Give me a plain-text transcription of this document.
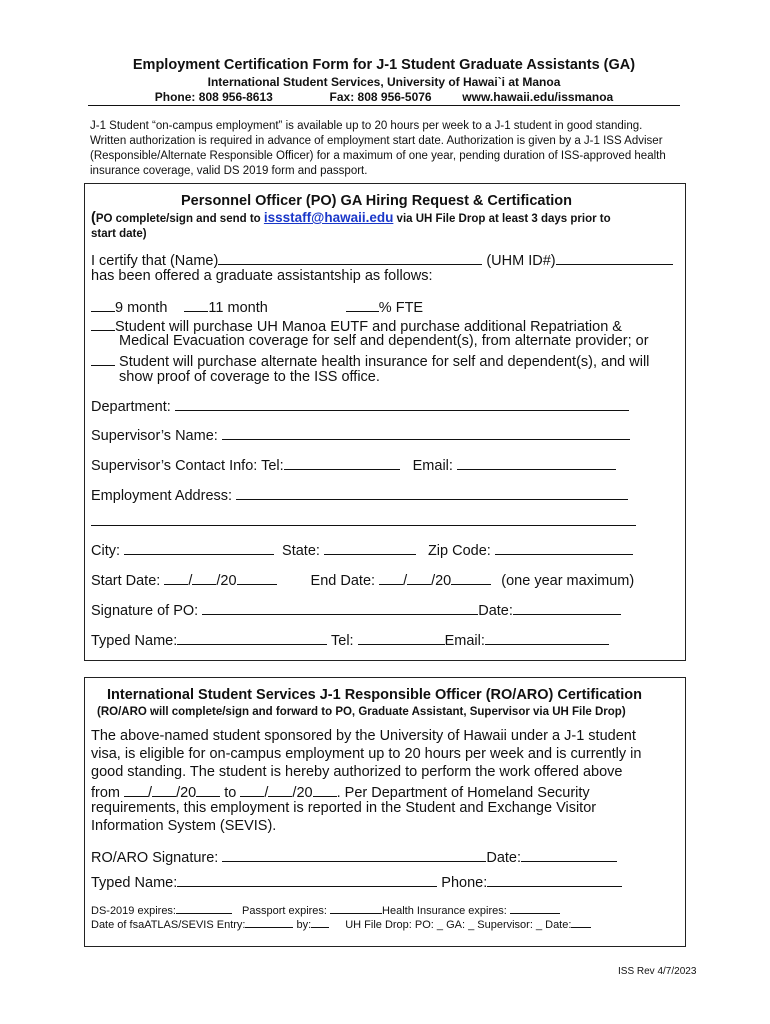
Employment Certification Form for J-1 Student Graduate Assistants (GA)
International Student Services, University of Hawai`i at Manoa
Phone: 808 956-8613	Fax: 808 956-5076	www.hawaii.edu/issmanoa
J-1 Student “on-campus employment” is available up to 20 hours per week to a J-1 student in good standing. Written authorization is required in advance of employment start date. Authorization is given by a J-1 ISS Adviser (Responsible/Alternate Responsible Officer) for a maximum of one year, pending duration of ISS-approved health insurance coverage, valid DS 2019 form and passport.
Personnel Officer (PO) GA Hiring Request & Certification
(PO complete/sign and send to issstaff@hawaii.edu via UH File Drop at least 3 days prior to
start date)
I certify that (Name)	(UHM ID#)
has been offered a graduate assistantship as follows:
9 month	11 month	% FTE
Student will purchase UH Manoa EUTF and purchase additional Repatriation &
Medical Evacuation coverage for self and dependent(s), from alternate provider; or
Student will purchase alternate health insurance for self and dependent(s), and will
show proof of coverage to the ISS office.
Department:
Supervisor’s Name:
Supervisor’s Contact Info: Tel:	Email:
Employment Address:
City:	State:	Zip Code:
Start Date: / /20	End Date: / /20	(one year maximum)
Signature of PO:	Date:
Typed Name:	Tel:	Email:
International Student Services J-1 Responsible Officer (RO/ARO) Certification
(RO/ARO will complete/sign and forward to PO, Graduate Assistant, Supervisor via UH File Drop)
The above-named student sponsored by the University of Hawaii under a J-1 student
visa, is eligible for on-campus employment up to 20 hours per week and is currently in
good standing. The student is hereby authorized to perform the work offered above
from / /20 to / /20 . Per Department of Homeland Security
requirements, this employment is reported in the Student and Exchange Visitor
Information System (SEVIS).
RO/ARO Signature:	Date:
Typed Name:	Phone:
DS-2019 expires:	Passport expires:	Health Insurance expires:
Date of fsaATLAS/SEVIS Entry:	by:	UH File Drop: PO: _ GA: _ Supervisor: _ Date:
ISS Rev 4/7/2023
